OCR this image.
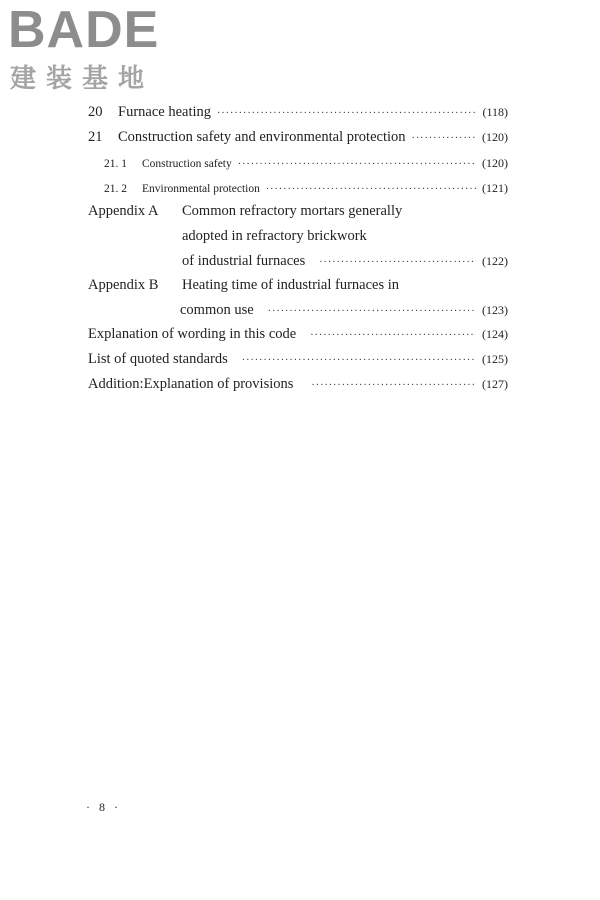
BADE
建装基地
20	Furnace heating ·····	(118)
21	Construction safety and environmental protection ·····	(120)
21. 1	Construction safety ·····	(120)
21. 2	Environmental protection ·····	(121)
Appendix A Common refractory mortars generally
adopted in refractory brickwork
of industrial furnaces ·····	(122)
Appendix B Heating time of industrial furnaces in
common use ·····	(123)
Explanation of wording in this code ·····	(124)
List of quoted standards ·····	(125)
Addition:Explanation of provisions ·····	(127)
· 8 ·
